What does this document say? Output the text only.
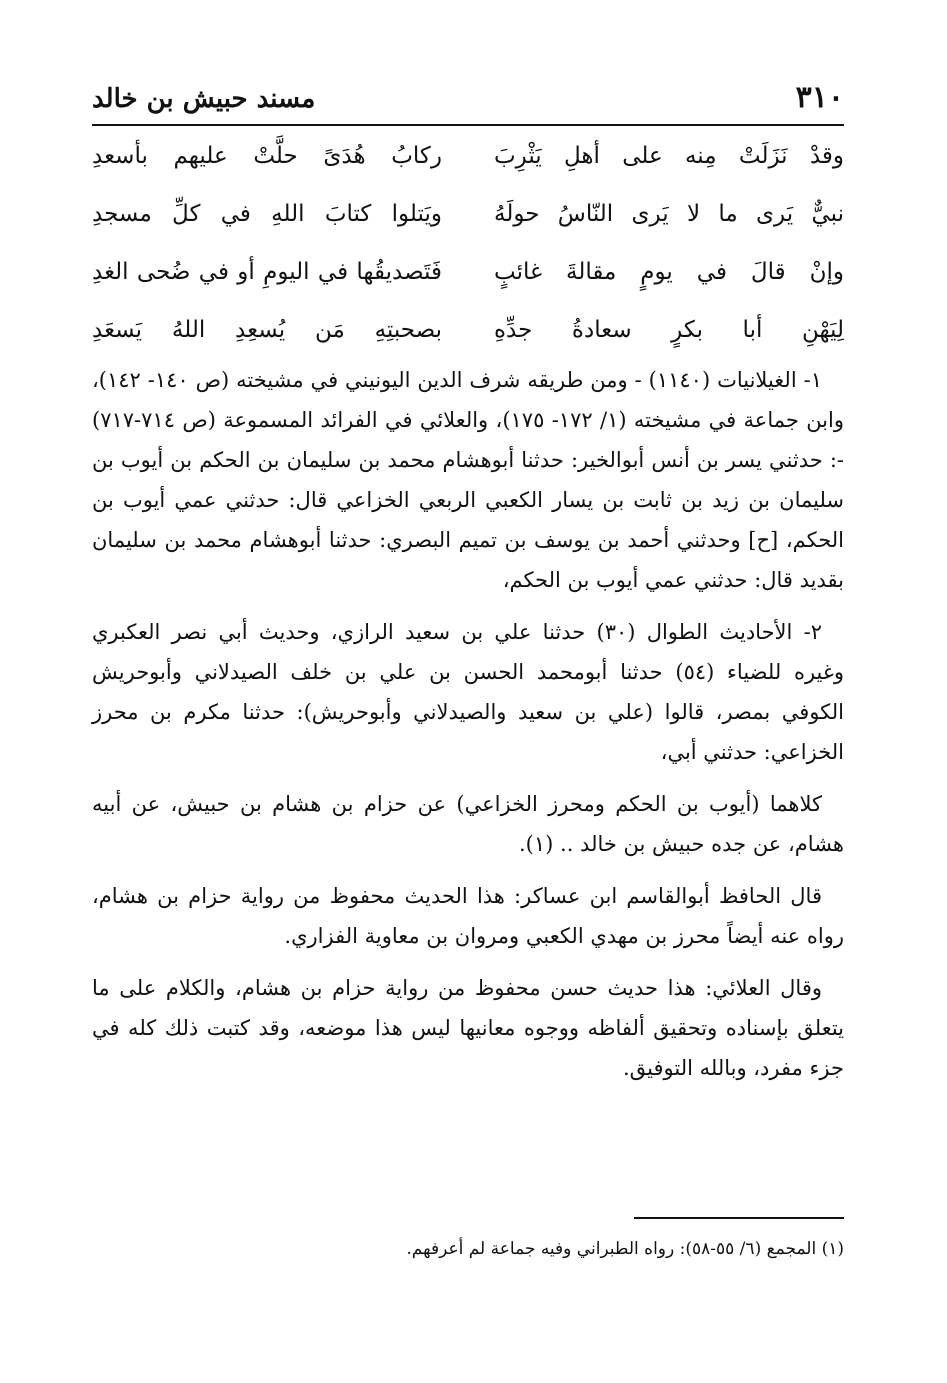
٣١٠
مسند حبيش بن خالد
وقدْ نَزَلَتْ مِنه على أهلِ يَثْرِبَ
ركابُ هُدَىً حلَّتْ عليهم بأسعدِ
نبيٌّ يَرى ما لا يَرى النّاسُ حولَهُ
ويَتلوا كتابَ اللهِ في كلِّ مسجدِ
وإنْ قالَ في يومٍ مقالةَ غائبٍ
فَتَصديقُها في اليومِ أو في ضُحى الغدِ
لِيَهْنِ أبا بكرٍ سعادةُ جدِّهِ
بصحبتِهِ مَن يُسعِدِ اللهُ يَسعَدِ

١- الغيلانيات (١١٤٠) - ومن طريقه شرف الدين اليونيني في مشيخته (ص ١٤٠- ١٤٢)، وابن جماعة في مشيخته (١/ ١٧٢- ١٧٥)، والعلائي في الفرائد المسموعة (ص ٧١٤-٧١٧) -: حدثني يسر بن أنس أبوالخير: حدثنا أبوهشام محمد بن سليمان بن الحكم بن أيوب بن سليمان بن زيد بن ثابت بن يسار الكعبي الربعي الخزاعي قال: حدثني عمي أيوب بن الحكم، [ح] وحدثني أحمد بن يوسف بن تميم البصري: حدثنا أبوهشام محمد بن سليمان بقديد قال: حدثني عمي أيوب بن الحكم،

٢- الأحاديث الطوال (٣٠) حدثنا علي بن سعيد الرازي، وحديث أبي نصر العكبري وغيره للضياء (٥٤) حدثنا أبومحمد الحسن بن علي بن خلف الصيدلاني وأبوحريش الكوفي بمصر، قالوا (علي بن سعيد والصيدلاني وأبوحريش): حدثنا مكرم بن محرز الخزاعي: حدثني أبي،

كلاهما (أيوب بن الحكم ومحرز الخزاعي) عن حزام بن هشام بن حبيش، عن أبيه هشام، عن جده حبيش بن خالد .. (١).

قال الحافظ أبوالقاسم ابن عساكر: هذا الحديث محفوظ من رواية حزام بن هشام، رواه عنه أيضاً محرز بن مهدي الكعبي ومروان بن معاوية الفزاري.

وقال العلائي: هذا حديث حسن محفوظ من رواية حزام بن هشام، والكلام على ما يتعلق بإسناده وتحقيق ألفاظه ووجوه معانيها ليس هذا موضعه، وقد كتبت ذلك كله في جزء مفرد، وبالله التوفيق.

(١) المجمع (٦/ ٥٥-٥٨): رواه الطبراني وفيه جماعة لم أعرفهم.
